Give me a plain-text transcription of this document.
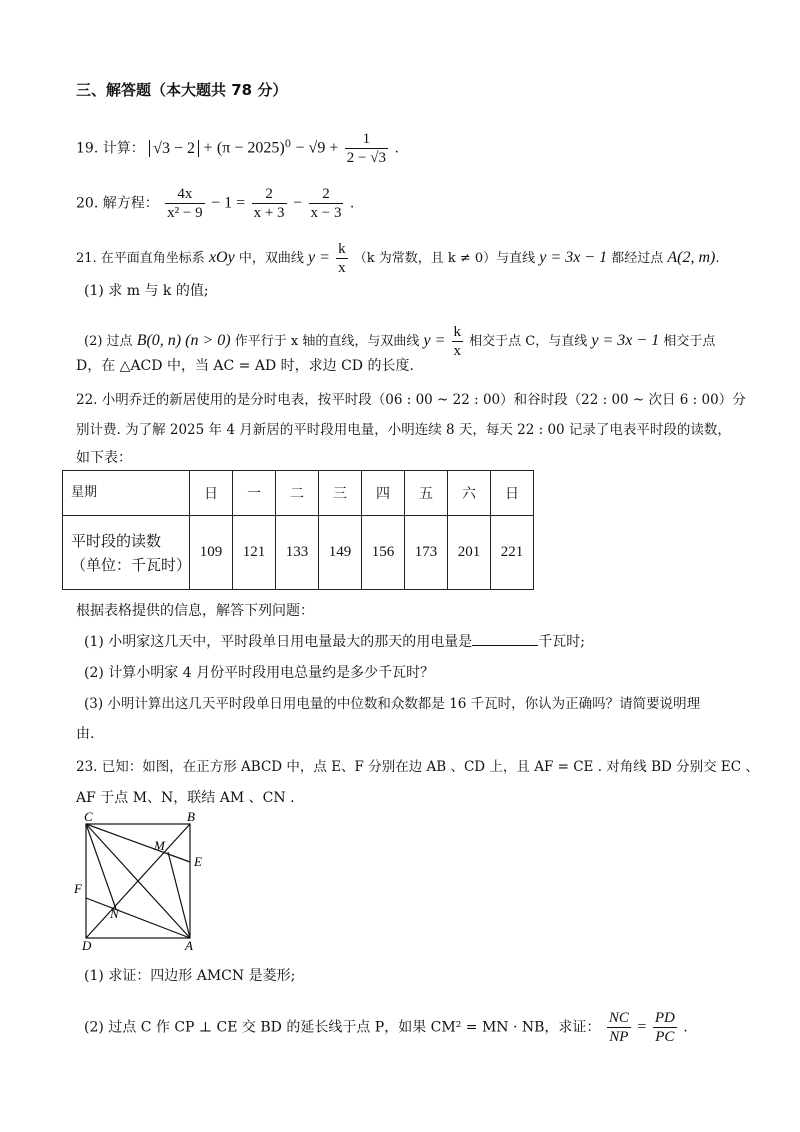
三、解答题（本大题共 78 分）
19. 计算： $√3 - 2 + (\pi - 2025)^0 - √9 + \frac{1}{2 - √3}$ .
20. 解方程： $\frac{4x}{\text{x² − 9}} - 1 = \frac{2}{x + 3} - \frac{2}{x - 3}$ .
21. 在平面直角坐标系 xOy 中，双曲线 $y = \frac{k}{x} (k$ 为常数，且 k ≠ 0）与直线 y = 3x − 1 都经过点 A(2, m).
(1) 求 m 与 k 的值;
(2) 过点 B(0, n) (n > 0) 作平行于 x 轴的直线，与双曲线 $y = \frac{k}{x}$ 相交于点 C，与直线 y = 3x − 1 相交于点
D，在 △ACD 中，当 AC = AD 时，求边 CD 的长度.
22. 小明乔迁的新居使用的是分时电表，按平时段（06 : 00 ~ 22 : 00）和谷时段（22 : 00 ~ 次日 6 : 00）分
别计费. 为了解 2025 年 4 月新居的平时段用电量，小明连续 8 天，每天 22 : 00 记录了电表平时段的读数，
如下表：
星期	日	一	二	三	四	五	六	日

平时段的读数
（单位：千瓦时）	109	121	133	149	156	173	201	221
根据表格提供的信息，解答下列问题：
(1) 小明家这几天中，平时段单日用电量最大的那天的用电量是	千瓦时;
(2) 计算小明家 4 月份平时段用电总量约是多少千瓦时？
(3) 小明计算出这几天平时段单日用电量的中位数和众数都是 16 千瓦时，你认为正确吗？请简要说明理
由.
23. 已知：如图，在正方形 ABCD 中，点 E、F 分别在边 AB 、CD 上，且 AF = CE . 对角线 BD 分别交 EC 、
AF 于点 M、N，联结 AM 、CN .
C	B
M
E
F
N
D	A
(1) 求证：四边形 AMCN 是菱形;
(2) 过点 C 作 CP ⊥ CE 交 BD 的延长线于点 P，如果 CM² = MN · NB，求证： $\frac{NC}{NP} = \frac{PD}{PC}$ .
